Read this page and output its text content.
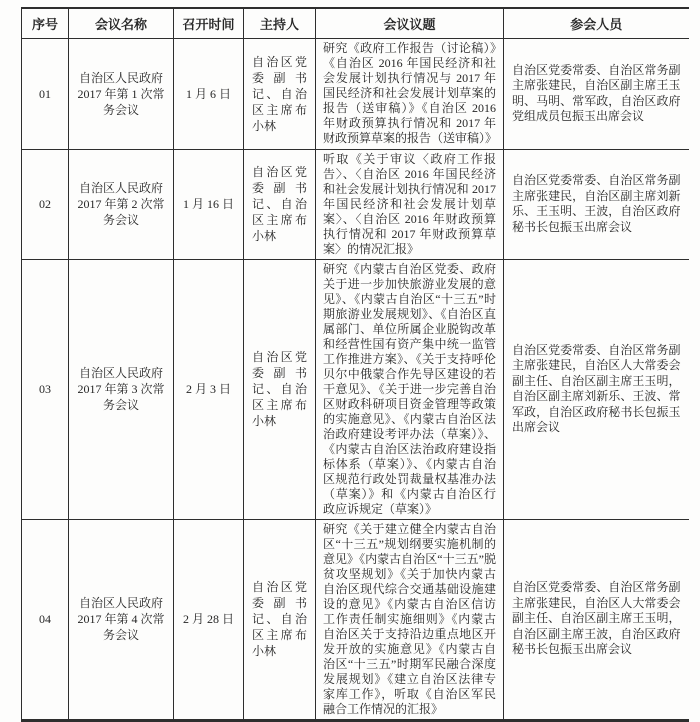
序号	会议名称	召开时间	主持人	会议议题	参会人员
01	自治区人民政府 2017 年第 1 次常务会议	1 月 6 日	自治区党委副书记、自治区主席布小林	研究《政府工作报告（讨论稿）》《自治区 2016 年国民经济和社会发展计划执行情况与 2017 年国民经济和社会发展计划草案的报告（送审稿）》《自治区 2016 年财政预算执行情况和 2017 年财政预算草案的报告（送审稿）》	自治区党委常委、自治区常务副主席张建民，自治区副主席王玉明、马明、常军政，自治区政府党组成员包振玉出席会议
02	自治区人民政府 2017 年第 2 次常务会议	1 月 16 日	自治区党委副书记、自治区主席布小林	听取《关于审议〈政府工作报告〉、〈自治区 2016 年国民经济和社会发展计划执行情况和 2017 年国民经济和社会发展计划草案〉、〈自治区 2016 年财政预算执行情况和 2017 年财政预算草案〉的情况汇报》	自治区党委常委、自治区常务副主席张建民，自治区副主席刘新乐、王玉明、王波，自治区政府秘书长包振玉出席会议
03	自治区人民政府 2017 年第 3 次常务会议	2 月 3 日	自治区党委副书记、自治区主席布小林	研究《内蒙古自治区党委、政府关于进一步加快旅游业发展的意见》、《内蒙古自治区“十三五”时期旅游业发展规划》、《自治区直属部门、单位所属企业脱钩改革和经营性国有资产集中统一监管工作推进方案》、《关于支持呼伦贝尔中俄蒙合作先导区建设的若干意见》、《关于进一步完善自治区财政科研项目资金管理等政策的实施意见》、《内蒙古自治区法治政府建设考评办法（草案）》、《内蒙古自治区法治政府建设指标体系（草案）》、《内蒙古自治区规范行政处罚裁量权基准办法（草案）》和《内蒙古自治区行政应诉规定（草案）》	自治区党委常委、自治区常务副主席张建民，自治区人大常委会副主任、自治区副主席王玉明，自治区副主席刘新乐、王波、常军政，自治区政府秘书长包振玉出席会议
04	自治区人民政府 2017 年第 4 次常务会议	2 月 28 日	自治区党委副书记、自治区主席布小林	研究《关于建立健全内蒙古自治区“十三五”规划纲要实施机制的意见》《内蒙古自治区“十三五”脱贫攻坚规划》《关于加快内蒙古自治区现代综合交通基础设施建设的意见》《内蒙古自治区信访工作责任制实施细则》《内蒙古自治区关于支持沿边重点地区开发开放的实施意见》《内蒙古自治区“十三五”时期军民融合深度发展规划》《建立自治区法律专家库工作》，听取《自治区军民融合工作情况的汇报》	自治区党委常委、自治区常务副主席张建民，自治区人大常委会副主任、自治区副主席王玉明，自治区副主席王波，自治区政府秘书长包振玉出席会议
